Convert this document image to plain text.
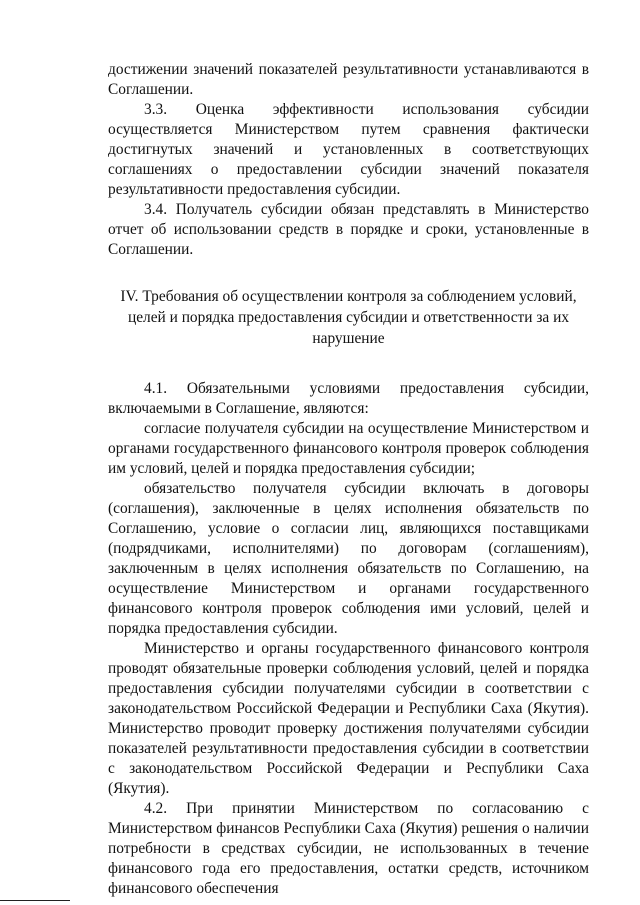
достижении значений показателей результативности устанавливаются в Соглашении.

3.3. Оценка эффективности использования субсидии осуществляется Министерством путем сравнения фактически достигнутых значений и установленных в соответствующих соглашениях о предоставлении субсидии значений показателя результативности предоставления субсидии.

3.4. Получатель субсидии обязан представлять в Министерство отчет об использовании средств в порядке и сроки, установленные в Соглашении.

IV. Требования об осуществлении контроля за соблюдением условий, целей и порядка предоставления субсидии и ответственности за их нарушение

4.1. Обязательными условиями предоставления субсидии, включаемыми в Соглашение, являются:

согласие получателя субсидии на осуществление Министерством и органами государственного финансового контроля проверок соблюдения им условий, целей и порядка предоставления субсидии;

обязательство получателя субсидии включать в договоры (соглашения), заключенные в целях исполнения обязательств по Соглашению, условие о согласии лиц, являющихся поставщиками (подрядчиками, исполнителями) по договорам (соглашениям), заключенным в целях исполнения обязательств по Соглашению, на осуществление Министерством и органами государственного финансового контроля проверок соблюдения ими условий, целей и порядка предоставления субсидии.

Министерство и органы государственного финансового контроля проводят обязательные проверки соблюдения условий, целей и порядка предоставления субсидии получателями субсидии в соответствии с законодательством Российской Федерации и Республики Саха (Якутия). Министерство проводит проверку достижения получателями субсидии показателей результативности предоставления субсидии в соответствии с законодательством Российской Федерации и Республики Саха (Якутия).

4.2. При принятии Министерством по согласованию с Министерством финансов Республики Саха (Якутия) решения о наличии потребности в средствах субсидии, не использованных в течение финансового года его предоставления, остатки средств, источником финансового обеспечения
